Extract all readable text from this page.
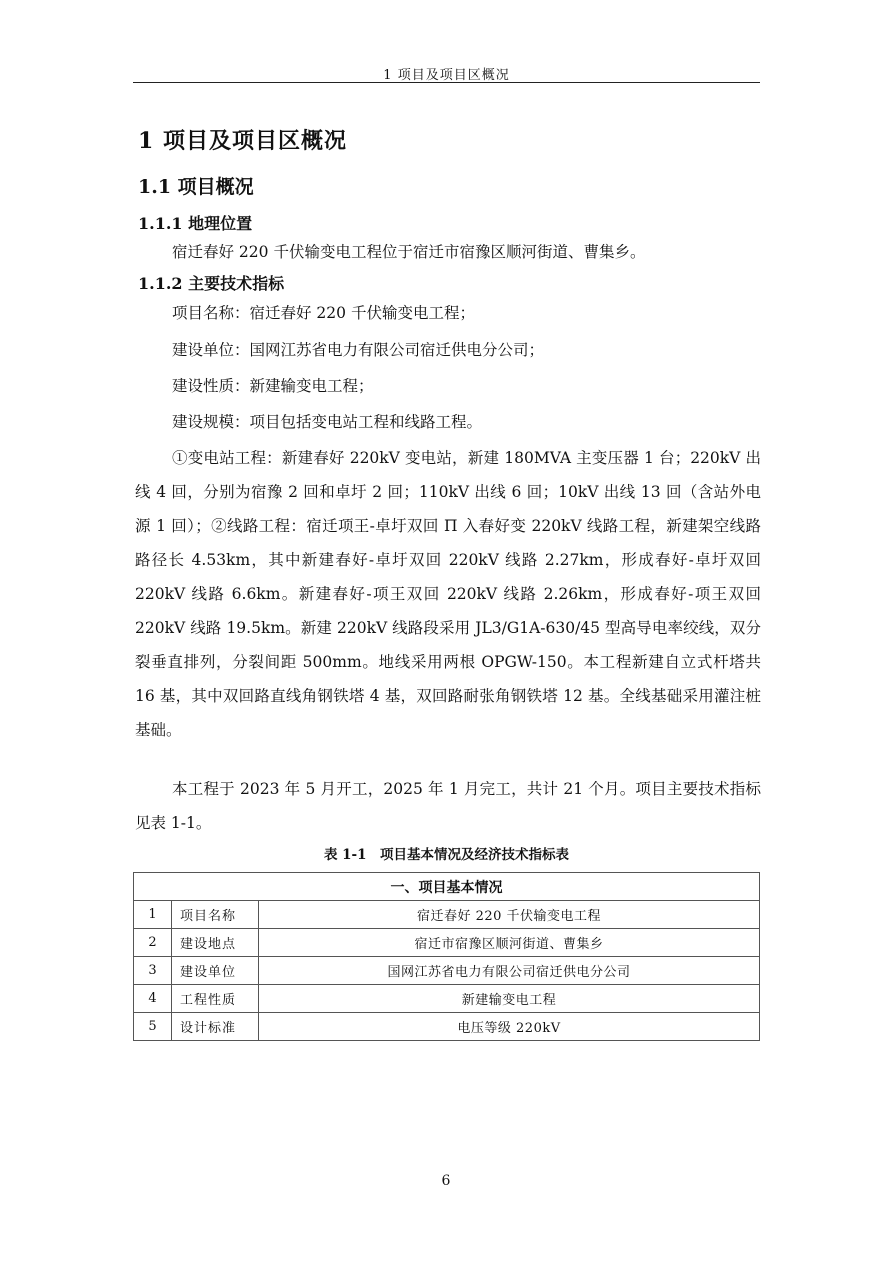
1 项目及项目区概况
1 项目及项目区概况
1.1 项目概况
1.1.1 地理位置
宿迁春好 220 千伏输变电工程位于宿迁市宿豫区顺河街道、曹集乡。
1.1.2 主要技术指标
项目名称：宿迁春好 220 千伏输变电工程；
建设单位：国网江苏省电力有限公司宿迁供电分公司；
建设性质：新建输变电工程；
建设规模：项目包括变电站工程和线路工程。

①变电站工程：新建春好 220kV 变电站，新建 180MVA 主变压器 1 台；220kV 出线 4 回，分别为宿豫 2 回和卓圩 2 回；110kV 出线 6 回；10kV 出线 13 回（含站外电源 1 回）；②线路工程：宿迁项王-卓圩双回 Π 入春好变 220kV 线路工程，新建架空线路路径长 4.53km，其中新建春好-卓圩双回 220kV 线路 2.27km，形成春好-卓圩双回 220kV 线路 6.6km。新建春好-项王双回 220kV 线路 2.26km，形成春好-项王双回 220kV 线路 19.5km。新建 220kV 线路段采用 JL3/G1A-630/45 型高导电率绞线，双分裂垂直排列，分裂间距 500mm。地线采用两根 OPGW-150。本工程新建自立式杆塔共 16 基，其中双回路直线角钢铁塔 4 基，双回路耐张角钢铁塔 12 基。全线基础采用灌注桩基础。

本工程于 2023 年 5 月开工，2025 年 1 月完工，共计 21 个月。项目主要技术指标见表 1-1。

表 1-1　项目基本情况及经济技术指标表
一、项目基本情况		
1	项目名称	宿迁春好 220 千伏输变电工程
2	建设地点	宿迁市宿豫区顺河街道、曹集乡
3	建设单位	国网江苏省电力有限公司宿迁供电分公司
4	工程性质	新建输变电工程
5	设计标准	电压等级 220kV
6
